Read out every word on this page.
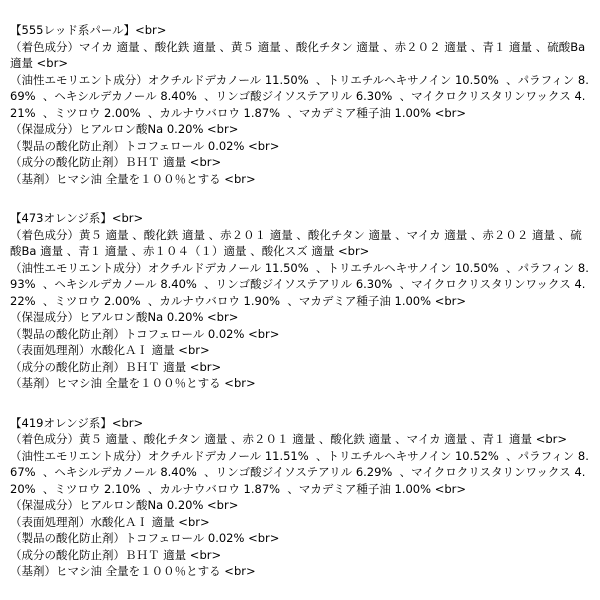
【555レッド系パール】<br>
（着色成分）マイカ 適量 、酸化鉄 適量 、黄５ 適量 、酸化チタン 適量 、赤２０２ 適量 、青１ 適量 、硫酸Ba 適量 <br>
（油性エモリエント成分）オクチルドデカノール 11.50%  、トリエチルヘキサノイン 10.50%  、パラフィン 8.69%  、ヘキシルデカノール 8.40%  、リンゴ酸ジイソステアリル 6.30%  、マイクロクリスタリンワックス 4.21%  、ミツロウ 2.00%  、カルナウバロウ 1.87%  、マカデミア種子油 1.00% <br>
（保湿成分）ヒアルロン酸Na 0.20% <br>
（製品の酸化防止剤）トコフェロール 0.02% <br>
（成分の酸化防止剤）ＢＨＴ 適量 <br>
（基剤）ヒマシ油 全量を１００％とする <br>
【473オレンジ系】<br>
（着色成分）黄５ 適量 、酸化鉄 適量 、赤２０１ 適量 、酸化チタン 適量 、マイカ 適量 、赤２０２ 適量 、硫酸Ba 適量 、青１ 適量 、赤１０４（１）適量 、酸化スズ 適量 <br>
（油性エモリエント成分）オクチルドデカノール 11.50%  、トリエチルヘキサノイン 10.50%  、パラフィン 8.93%  、ヘキシルデカノール 8.40%  、リンゴ酸ジイソステアリル 6.30%  、マイクロクリスタリンワックス 4.22%  、ミツロウ 2.00%  、カルナウバロウ 1.90%  、マカデミア種子油 1.00% <br>
（保湿成分）ヒアルロン酸Na 0.20% <br>
（製品の酸化防止剤）トコフェロール 0.02% <br>
（表面処理剤）水酸化ＡＩ 適量 <br>
（成分の酸化防止剤）ＢＨＴ 適量 <br>
（基剤）ヒマシ油 全量を１００％とする <br>
【419オレンジ系】<br>
（着色成分）黄５ 適量 、酸化チタン 適量 、赤２０１ 適量 、酸化鉄 適量 、マイカ 適量 、青１ 適量 <br>
（油性エモリエント成分）オクチルドデカノール 11.51%  、トリエチルヘキサノイン 10.52%  、パラフィン 8.67%  、ヘキシルデカノール 8.40%  、リンゴ酸ジイソステアリル 6.29%  、マイクロクリスタリンワックス 4.20%  、ミツロウ 2.10%  、カルナウバロウ 1.87%  、マカデミア種子油 1.00% <br>
（保湿成分）ヒアルロン酸Na 0.20% <br>
（表面処理剤）水酸化ＡＩ 適量 <br>
（製品の酸化防止剤）トコフェロール 0.02% <br>
（成分の酸化防止剤）ＢＨＴ 適量 <br>
（基剤）ヒマシ油 全量を１００％とする <br>
